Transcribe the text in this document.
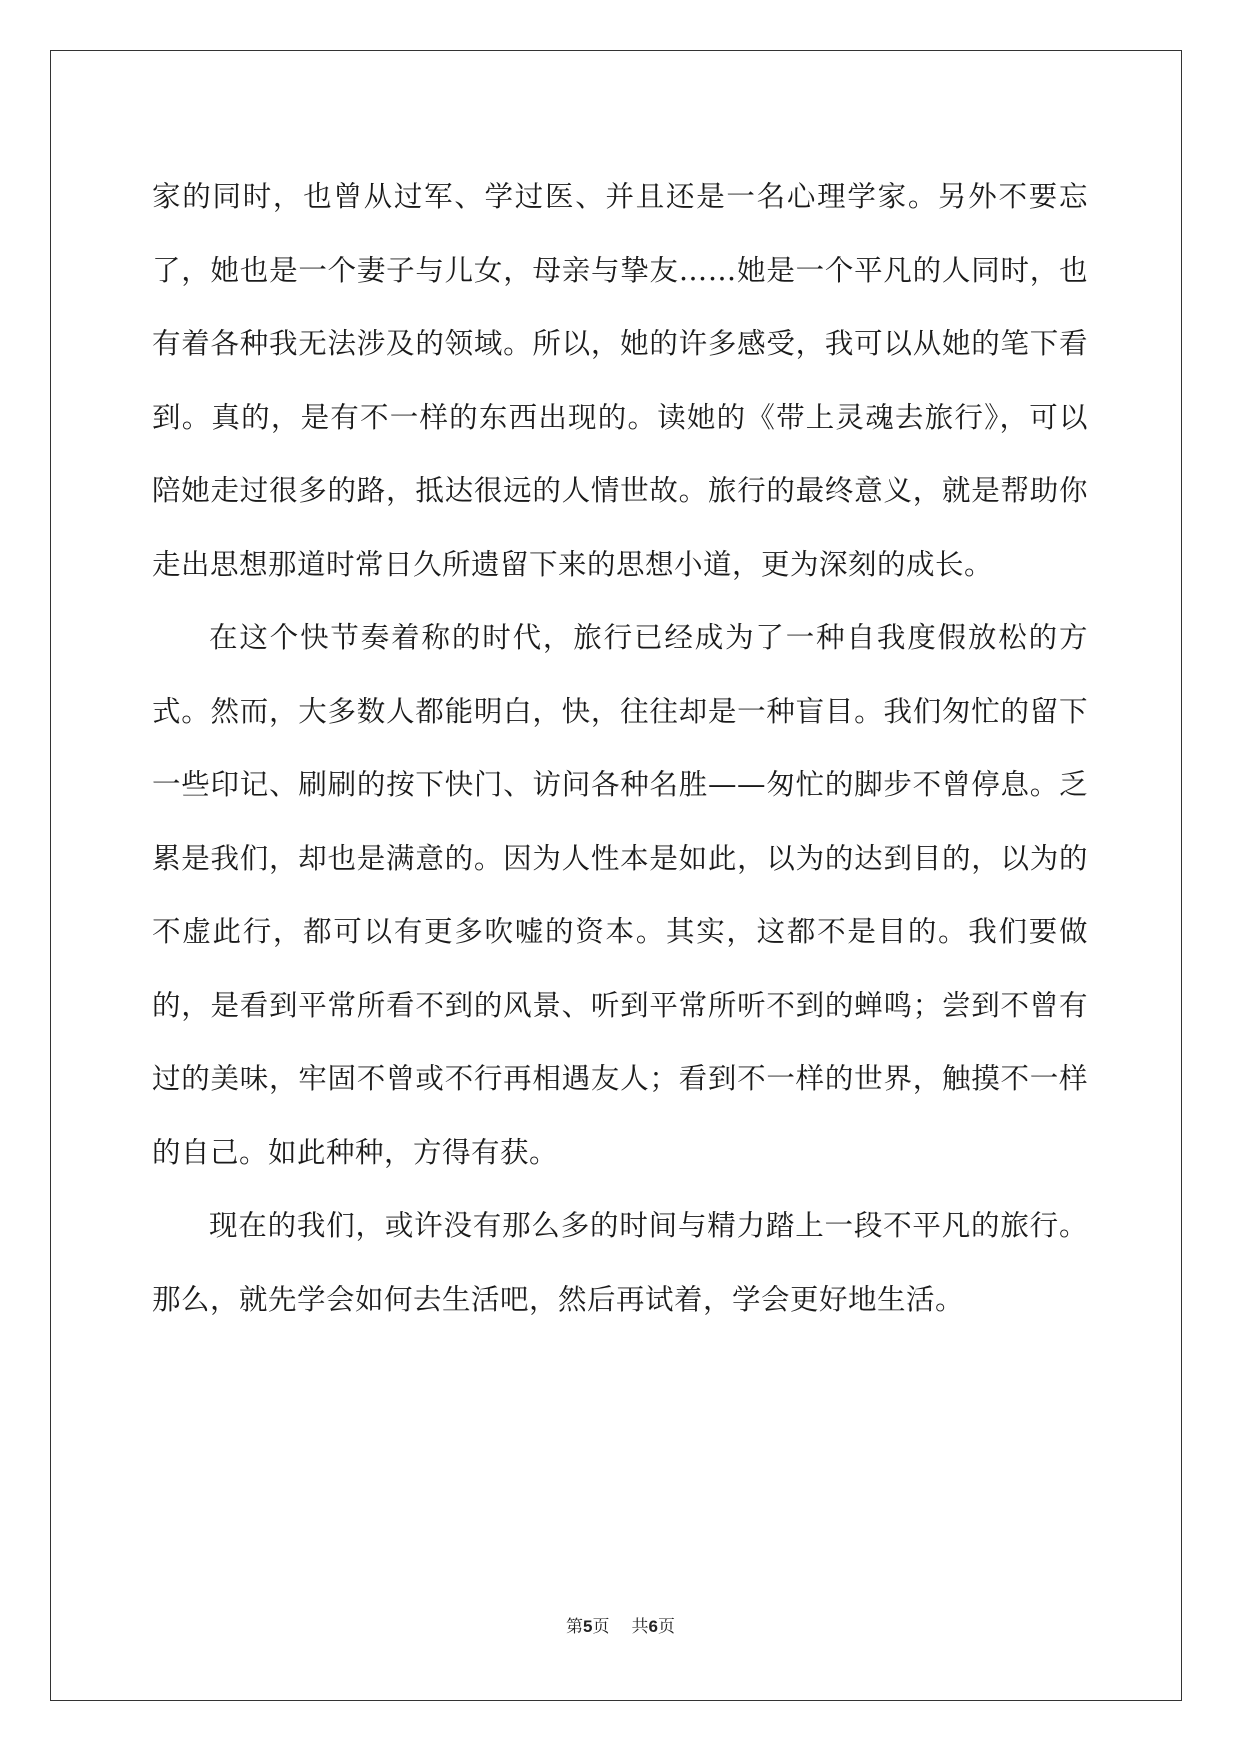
家的同时，也曾从过军、学过医、并且还是一名心理学家。另外不要忘了，她也是一个妻子与儿女，母亲与挚友……她是一个平凡的人同时，也有着各种我无法涉及的领域。所以，她的许多感受，我可以从她的笔下看到。真的，是有不一样的东西出现的。读她的《带上灵魂去旅行》，可以陪她走过很多的路，抵达很远的人情世故。旅行的最终意义，就是帮助你走出思想那道时常日久所遗留下来的思想小道，更为深刻的成长。

在这个快节奏着称的时代，旅行已经成为了一种自我度假放松的方式。然而，大多数人都能明白，快，往往却是一种盲目。我们匆忙的留下一些印记、刷刷的按下快门、访问各种名胜——匆忙的脚步不曾停息。乏累是我们，却也是满意的。因为人性本是如此，以为的达到目的，以为的不虚此行，都可以有更多吹嘘的资本。其实，这都不是目的。我们要做的，是看到平常所看不到的风景、听到平常所听不到的蝉鸣；尝到不曾有过的美味，牢固不曾或不行再相遇友人；看到不一样的世界，触摸不一样的自己。如此种种，方得有获。

现在的我们，或许没有那么多的时间与精力踏上一段不平凡的旅行。那么，就先学会如何去生活吧，然后再试着，学会更好地生活。

第5页 共6页
